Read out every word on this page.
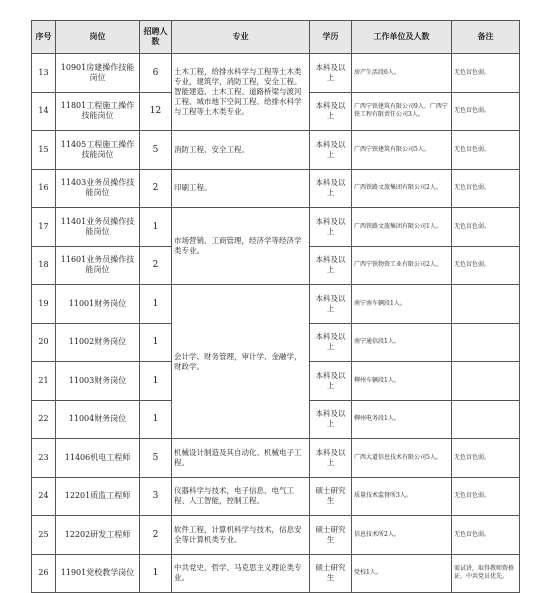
序号	岗位	招聘人数	专业	学历	工作单位及人数	备注
13	10901房建操作技能岗位	6	土木工程，给排水科学与工程等土木类专业，建筑学，消防工程，安全工程。 智能建造、土木工程、道路桥梁与渡河工程、城市地下空间工程、给排水科学与工程等土木类专业。	本科及以上	房产生活段6人。	无色盲色弱。
14	11801工程施工操作技能岗位	12		本科及以上	广西宁铁建筑有限公司9人、广西宁铁工程有限责任公司3人。	无色盲色弱。
15	11405工程施工操作技能岗位	5	消防工程、安全工程。	本科及以上	广西宁铁建筑有限公司5人。	无色盲色弱。
16	11403业务员操作技能岗位	2	印刷工程。	本科及以上	广西铁路文旅集团有限公司2人。	无色盲色弱。
17	11401业务员操作技能岗位	1	市场营销、工商管理，经济学等经济学类专业。	本科及以上	广西铁路文旅集团有限公司1人。	无色盲色弱。
18	11601业务员操作技能岗位	2		本科及以上	广西宁铁物资工业有限公司2人。	无色盲色弱。
19	11001财务岗位	1	会计学、财务管理，审计学、金融学，财政学。	本科及以上	南宁南车辆段1人。	
20	11002财务岗位	1		本科及以上	南宁通信段1人。	
21	11003财务岗位	1		本科及以上	柳州车辆段1人。	
22	11004财务岗位	1		本科及以上	柳州电务段1人。	
23	11406机电工程师	5	机械设计制造及其自动化、机械电子工程。	本科及以上	广西大道信息技术有限公司5人。	无色盲色弱。
24	12201质监工程师	3	仪器科学与技术，电子信息、电气工程、人工智能，控制工程。	硕士研究生	质量技术监督所3人。	无色盲色弱。
25	12202研发工程师	2	软件工程，计算机科学与技术，信息安全等计算机类专业。	硕士研究生	信息技术所2人。	无色盲色弱。
26	11901党校教学岗位	1	中共党史，哲学、马克思主义理论类专业。	硕士研究生	党校1人。	需试讲，取得教师资格证，中共党员优先。
